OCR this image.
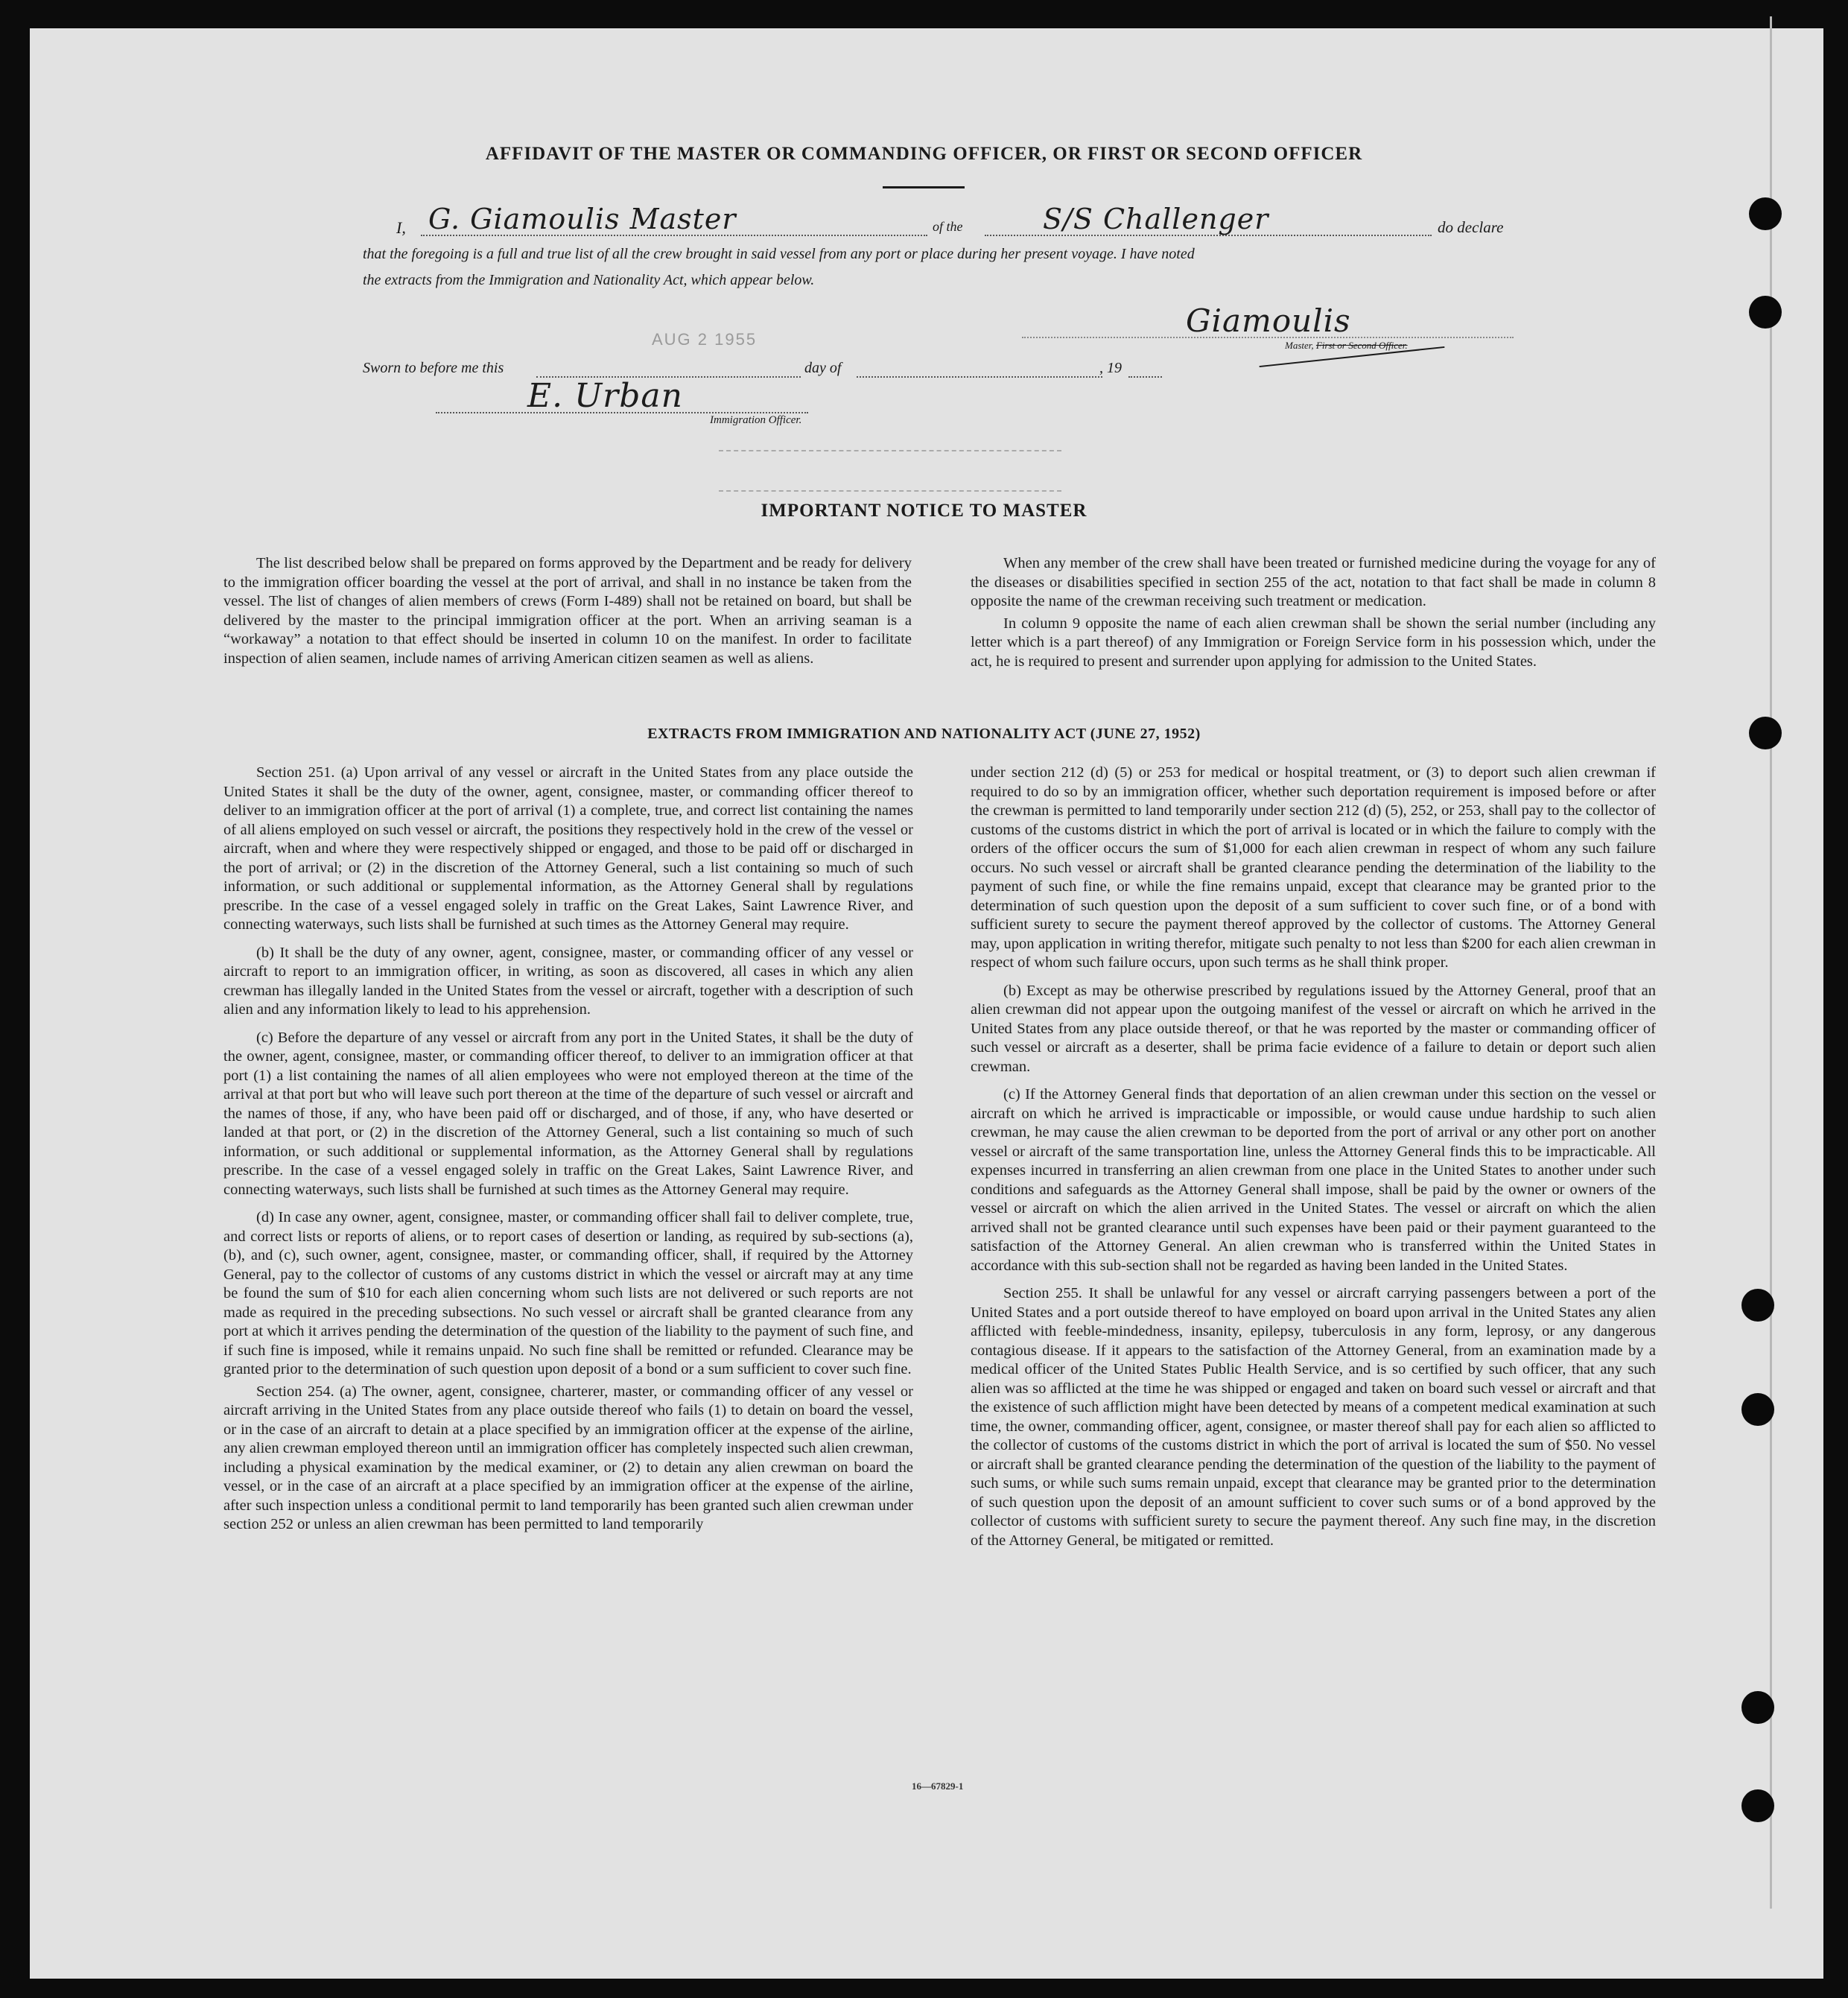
AFFIDAVIT OF THE MASTER OR COMMANDING OFFICER, OR FIRST OR SECOND OFFICER
I, G. Giamoulis Master	of the	S/S Challenger	do declare
that the foregoing is a full and true list of all the crew brought in said vessel from any port or place during her present voyage. I have noted
the extracts from the Immigration and Nationality Act, which appear below.
AUG 2 1955
Giamoulis
Master, First or Second Officer.
Sworn to before me this	day of	, 19
E. Urban
Immigration Officer.
IMPORTANT NOTICE TO MASTER

The list described below shall be prepared on forms approved by the Department and be ready for delivery to the immigration officer boarding the vessel at the port of arrival, and shall in no instance be taken from the vessel. The list of changes of alien members of crews (Form I-489) shall not be retained on board, but shall be delivered by the master to the principal immigration officer at the port. When an arriving seaman is a “workaway” a notation to that effect should be inserted in column 10 on the manifest. In order to facilitate inspection of alien seamen, include names of arriving American citizen seamen as well as aliens.

When any member of the crew shall have been treated or furnished medicine during the voyage for any of the diseases or disabilities specified in section 255 of the act, notation to that fact shall be made in column 8 opposite the name of the crewman receiving such treatment or medication.

In column 9 opposite the name of each alien crewman shall be shown the serial number (including any letter which is a part thereof) of any Immigration or Foreign Service form in his possession which, under the act, he is required to present and surrender upon applying for admission to the United States.

EXTRACTS FROM IMMIGRATION AND NATIONALITY ACT (JUNE 27, 1952)

Section 251. (a) Upon arrival of any vessel or aircraft in the United States from any place outside the United States it shall be the duty of the owner, agent, consignee, master, or commanding officer thereof to deliver to an immigration officer at the port of arrival (1) a complete, true, and correct list containing the names of all aliens employed on such vessel or aircraft, the positions they respectively hold in the crew of the vessel or aircraft, when and where they were respectively shipped or engaged, and those to be paid off or discharged in the port of arrival; or (2) in the discretion of the Attorney General, such a list containing so much of such information, or such additional or supplemental information, as the Attorney General shall by regulations prescribe. In the case of a vessel engaged solely in traffic on the Great Lakes, Saint Lawrence River, and connecting waterways, such lists shall be furnished at such times as the Attorney General may require.

(b) It shall be the duty of any owner, agent, consignee, master, or commanding officer of any vessel or aircraft to report to an immigration officer, in writing, as soon as discovered, all cases in which any alien crewman has illegally landed in the United States from the vessel or aircraft, together with a description of such alien and any information likely to lead to his apprehension.

(c) Before the departure of any vessel or aircraft from any port in the United States, it shall be the duty of the owner, agent, consignee, master, or commanding officer thereof, to deliver to an immigration officer at that port (1) a list containing the names of all alien employees who were not employed thereon at the time of the arrival at that port but who will leave such port thereon at the time of the departure of such vessel or aircraft and the names of those, if any, who have been paid off or discharged, and of those, if any, who have deserted or landed at that port, or (2) in the discretion of the Attorney General, such a list containing so much of such information, or such additional or supplemental information, as the Attorney General shall by regulations prescribe. In the case of a vessel engaged solely in traffic on the Great Lakes, Saint Lawrence River, and connecting waterways, such lists shall be furnished at such times as the Attorney General may require.

(d) In case any owner, agent, consignee, master, or commanding officer shall fail to deliver complete, true, and correct lists or reports of aliens, or to report cases of desertion or landing, as required by sub-sections (a), (b), and (c), such owner, agent, consignee, master, or commanding officer, shall, if required by the Attorney General, pay to the collector of customs of any customs district in which the vessel or aircraft may at any time be found the sum of $10 for each alien concerning whom such lists are not delivered or such reports are not made as required in the preceding subsections. No such vessel or aircraft shall be granted clearance from any port at which it arrives pending the determination of the question of the liability to the payment of such fine, and if such fine is imposed, while it remains unpaid. No such fine shall be remitted or refunded. Clearance may be granted prior to the determination of such question upon deposit of a bond or a sum sufficient to cover such fine.

Section 254. (a) The owner, agent, consignee, charterer, master, or commanding officer of any vessel or aircraft arriving in the United States from any place outside thereof who fails (1) to detain on board the vessel, or in the case of an aircraft to detain at a place specified by an immigration officer at the expense of the airline, any alien crewman employed thereon until an immigration officer has completely inspected such alien crewman, including a physical examination by the medical examiner, or (2) to detain any alien crewman on board the vessel, or in the case of an aircraft at a place specified by an immigration officer at the expense of the airline, after such inspection unless a conditional permit to land temporarily has been granted such alien crewman under section 252 or unless an alien crewman has been permitted to land temporarily

under section 212 (d) (5) or 253 for medical or hospital treatment, or (3) to deport such alien crewman if required to do so by an immigration officer, whether such deportation requirement is imposed before or after the crewman is permitted to land temporarily under section 212 (d) (5), 252, or 253, shall pay to the collector of customs of the customs district in which the port of arrival is located or in which the failure to comply with the orders of the officer occurs the sum of $1,000 for each alien crewman in respect of whom any such failure occurs. No such vessel or aircraft shall be granted clearance pending the determination of the liability to the payment of such fine, or while the fine remains unpaid, except that clearance may be granted prior to the determination of such question upon the deposit of a sum sufficient to cover such fine, or of a bond with sufficient surety to secure the payment thereof approved by the collector of customs. The Attorney General may, upon application in writing therefor, mitigate such penalty to not less than $200 for each alien crewman in respect of whom such failure occurs, upon such terms as he shall think proper.

(b) Except as may be otherwise prescribed by regulations issued by the Attorney General, proof that an alien crewman did not appear upon the outgoing manifest of the vessel or aircraft on which he arrived in the United States from any place outside thereof, or that he was reported by the master or commanding officer of such vessel or aircraft as a deserter, shall be prima facie evidence of a failure to detain or deport such alien crewman.

(c) If the Attorney General finds that deportation of an alien crewman under this section on the vessel or aircraft on which he arrived is impracticable or impossible, or would cause undue hardship to such alien crewman, he may cause the alien crewman to be deported from the port of arrival or any other port on another vessel or aircraft of the same transportation line, unless the Attorney General finds this to be impracticable. All expenses incurred in transferring an alien crewman from one place in the United States to another under such conditions and safeguards as the Attorney General shall impose, shall be paid by the owner or owners of the vessel or aircraft on which the alien arrived in the United States. The vessel or aircraft on which the alien arrived shall not be granted clearance until such expenses have been paid or their payment guaranteed to the satisfaction of the Attorney General. An alien crewman who is transferred within the United States in accordance with this sub-section shall not be regarded as having been landed in the United States.

Section 255. It shall be unlawful for any vessel or aircraft carrying passengers between a port of the United States and a port outside thereof to have employed on board upon arrival in the United States any alien afflicted with feeble-mindedness, insanity, epilepsy, tuberculosis in any form, leprosy, or any dangerous contagious disease. If it appears to the satisfaction of the Attorney General, from an examination made by a medical officer of the United States Public Health Service, and is so certified by such officer, that any such alien was so afflicted at the time he was shipped or engaged and taken on board such vessel or aircraft and that the existence of such affliction might have been detected by means of a competent medical examination at such time, the owner, commanding officer, agent, consignee, or master thereof shall pay for each alien so afflicted to the collector of customs of the customs district in which the port of arrival is located the sum of $50. No vessel or aircraft shall be granted clearance pending the determination of the question of the liability to the payment of such sums, or while such sums remain unpaid, except that clearance may be granted prior to the determination of such question upon the deposit of an amount sufficient to cover such sums or of a bond approved by the collector of customs with sufficient surety to secure the payment thereof. Any such fine may, in the discretion of the Attorney General, be mitigated or remitted.

16—67829-1
